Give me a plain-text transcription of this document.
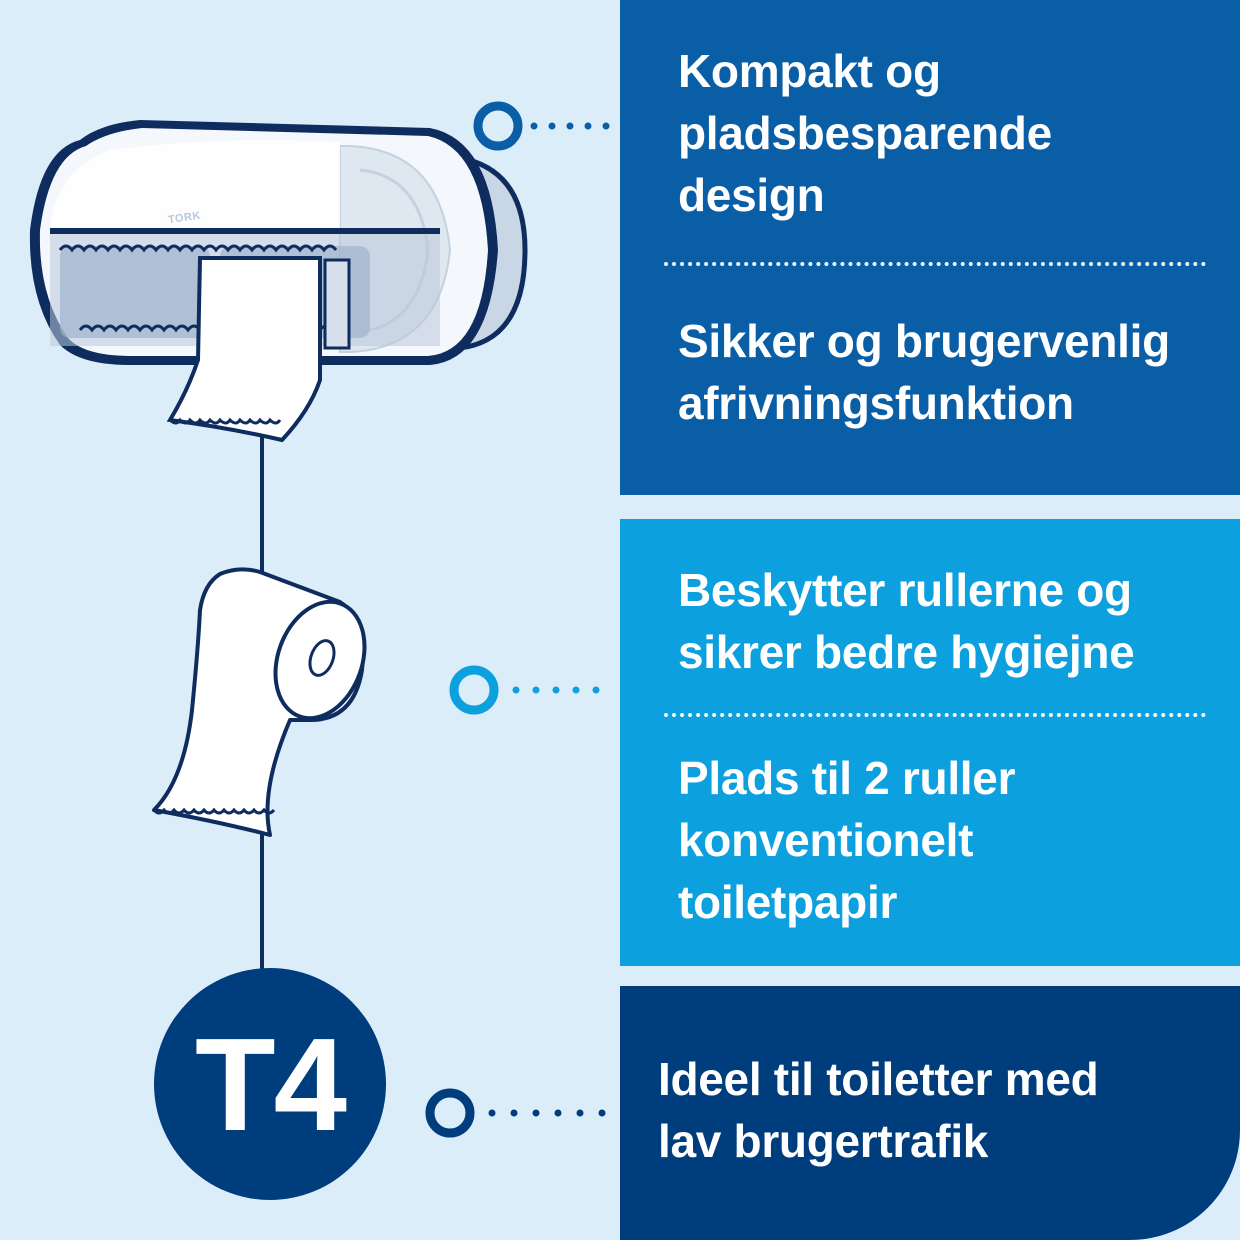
TORK
T4

Kompakt og
pladsbesparende
design

Sikker og brugervenlig
afrivningsfunktion

Beskytter rullerne og
sikrer bedre hygiejne

Plads til 2 ruller
konventionelt
toiletpapir

Ideel til toiletter med
lav brugertrafik
